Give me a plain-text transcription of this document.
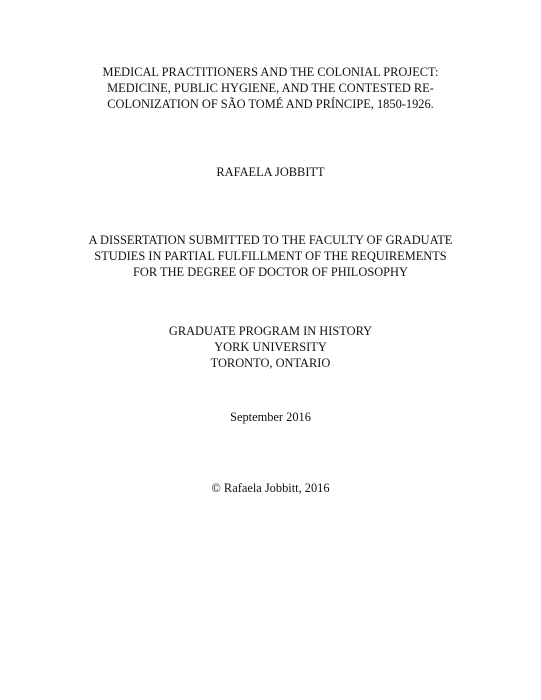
MEDICAL PRACTITIONERS AND THE COLONIAL PROJECT:
MEDICINE, PUBLIC HYGIENE, AND THE CONTESTED RE-
COLONIZATION OF SÃO TOMÉ AND PRÍNCIPE, 1850-1926.
RAFAELA JOBBITT
A DISSERTATION SUBMITTED TO THE FACULTY OF GRADUATE
STUDIES IN PARTIAL FULFILLMENT OF THE REQUIREMENTS
FOR THE DEGREE OF DOCTOR OF PHILOSOPHY
GRADUATE PROGRAM IN HISTORY
YORK UNIVERSITY
TORONTO, ONTARIO
September 2016
© Rafaela Jobbitt, 2016
